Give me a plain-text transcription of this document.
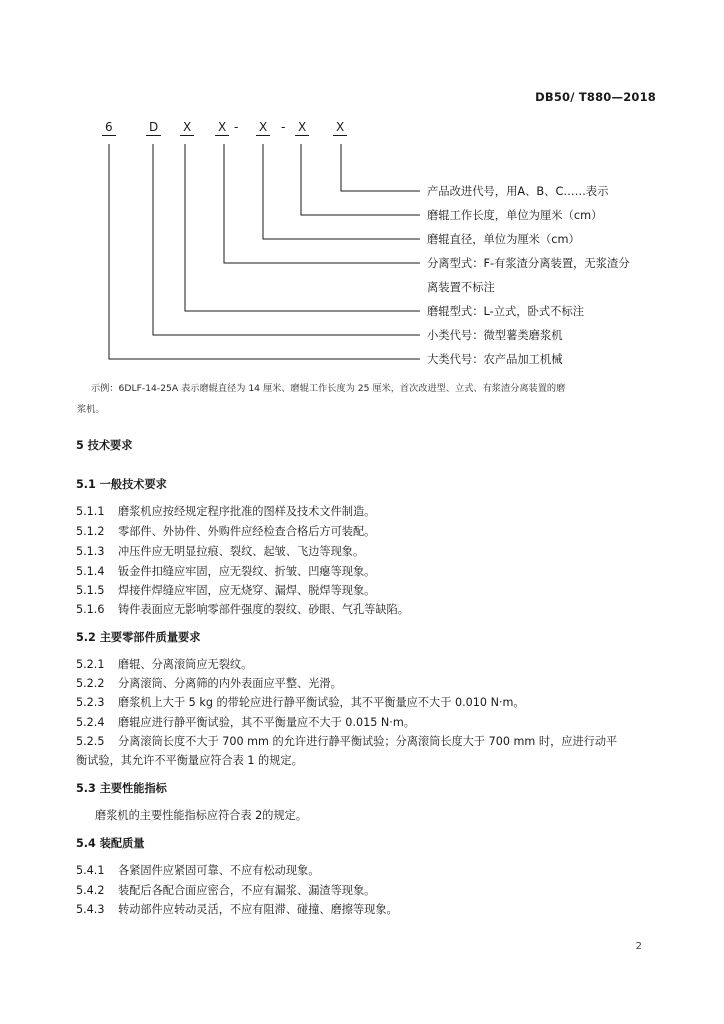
DB50/ T880—2018
6	D X X - X - X X
产品改进代号，用A、B、C……表示
磨辊工作长度，单位为厘米（cm）
磨辊直径，单位为厘米（cm）
分离型式：F-有浆渣分离装置，无浆渣分
离装置不标注
磨辊型式：L-立式，卧式不标注
小类代号：微型薯类磨浆机
大类代号：农产品加工机械
示例：6DLF-14-25A 表示磨辊直径为 14 厘米、磨辊工作长度为 25 厘米，首次改进型、立式、有浆渣分离装置的磨
浆机。
5 技术要求
5.1 一般技术要求
5.1.1 磨浆机应按经规定程序批准的图样及技术文件制造。
5.1.2 零部件、外协件、外购件应经检查合格后方可装配。
5.1.3 冲压件应无明显拉痕、裂纹、起皱、飞边等现象。
5.1.4 钣金件扣缝应牢固，应无裂纹、折皱、凹瘪等现象。
5.1.5 焊接件焊缝应牢固，应无烧穿、漏焊、脱焊等现象。
5.1.6 铸件表面应无影响零部件强度的裂纹、砂眼、气孔等缺陷。
5.2 主要零部件质量要求
5.2.1 磨辊、分离滚筒应无裂纹。
5.2.2 分离滚筒、分离筛的内外表面应平整、光滑。
5.2.3 磨浆机上大于 5 kg 的带轮应进行静平衡试验，其不平衡量应不大于 0.010 N·m。
5.2.4 磨辊应进行静平衡试验，其不平衡量应不大于 0.015 N·m。
5.2.5 分离滚筒长度不大于 700 mm 的允许进行静平衡试验；分离滚筒长度大于 700 mm 时，应进行动平
衡试验，其允许不平衡量应符合表 1 的规定。
5.3 主要性能指标
磨浆机的主要性能指标应符合表 2的规定。
5.4 装配质量
5.4.1 各紧固件应紧固可靠、不应有松动现象。
5.4.2 装配后各配合面应密合，不应有漏浆、漏渣等现象。
5.4.3 转动部件应转动灵活，不应有阻滞、碰撞、磨擦等现象。
2
